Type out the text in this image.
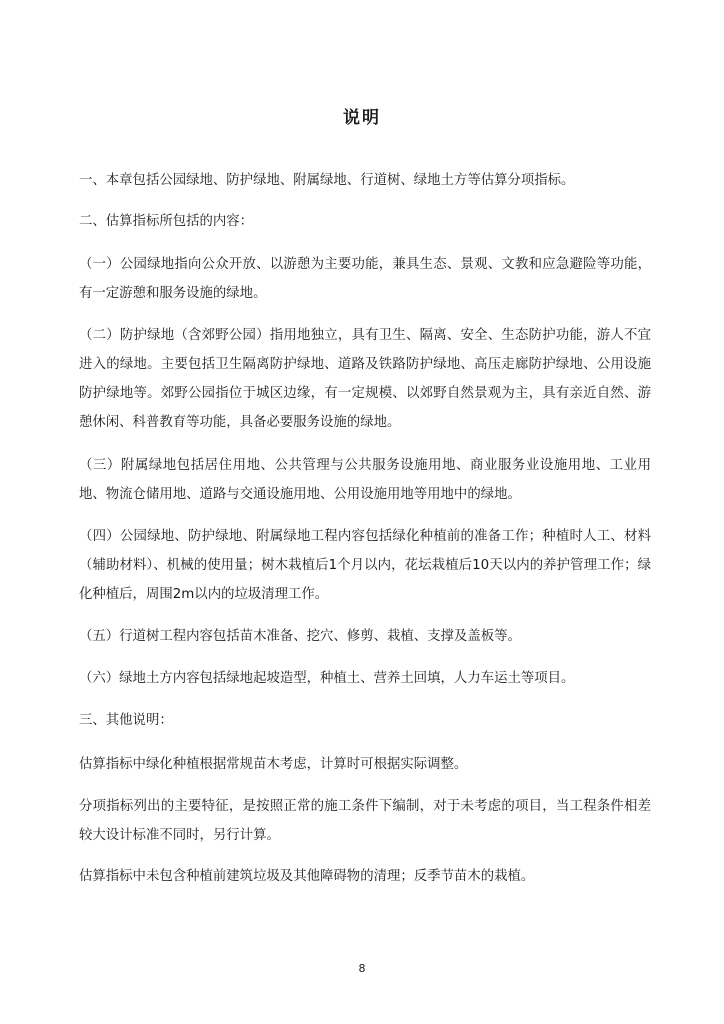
说明

一、本章包括公园绿地、防护绿地、附属绿地、行道树、绿地土方等估算分项指标。

二、估算指标所包括的内容：

（一）公园绿地指向公众开放、以游憩为主要功能，兼具生态、景观、文教和应急避险等功能，有一定游憩和服务设施的绿地。

（二）防护绿地（含郊野公园）指用地独立，具有卫生、隔离、安全、生态防护功能，游人不宜进入的绿地。主要包括卫生隔离防护绿地、道路及铁路防护绿地、高压走廊防护绿地、公用设施防护绿地等。郊野公园指位于城区边缘，有一定规模、以郊野自然景观为主，具有亲近自然、游憩休闲、科普教育等功能，具备必要服务设施的绿地。

（三）附属绿地包括居住用地、公共管理与公共服务设施用地、商业服务业设施用地、工业用地、物流仓储用地、道路与交通设施用地、公用设施用地等用地中的绿地。

（四）公园绿地、防护绿地、附属绿地工程内容包括绿化种植前的准备工作；种植时人工、材料（辅助材料）、机械的使用量；树木栽植后1个月以内，花坛栽植后10天以内的养护管理工作；绿化种植后，周围2m以内的垃圾清理工作。

（五）行道树工程内容包括苗木准备、挖穴、修剪、栽植、支撑及盖板等。

（六）绿地土方内容包括绿地起坡造型，种植土、营养土回填，人力车运土等项目。

三、其他说明：

估算指标中绿化种植根据常规苗木考虑，计算时可根据实际调整。

分项指标列出的主要特征，是按照正常的施工条件下编制，对于未考虑的项目，当工程条件相差较大设计标准不同时，另行计算。

估算指标中未包含种植前建筑垃圾及其他障碍物的清理；反季节苗木的栽植。

8
